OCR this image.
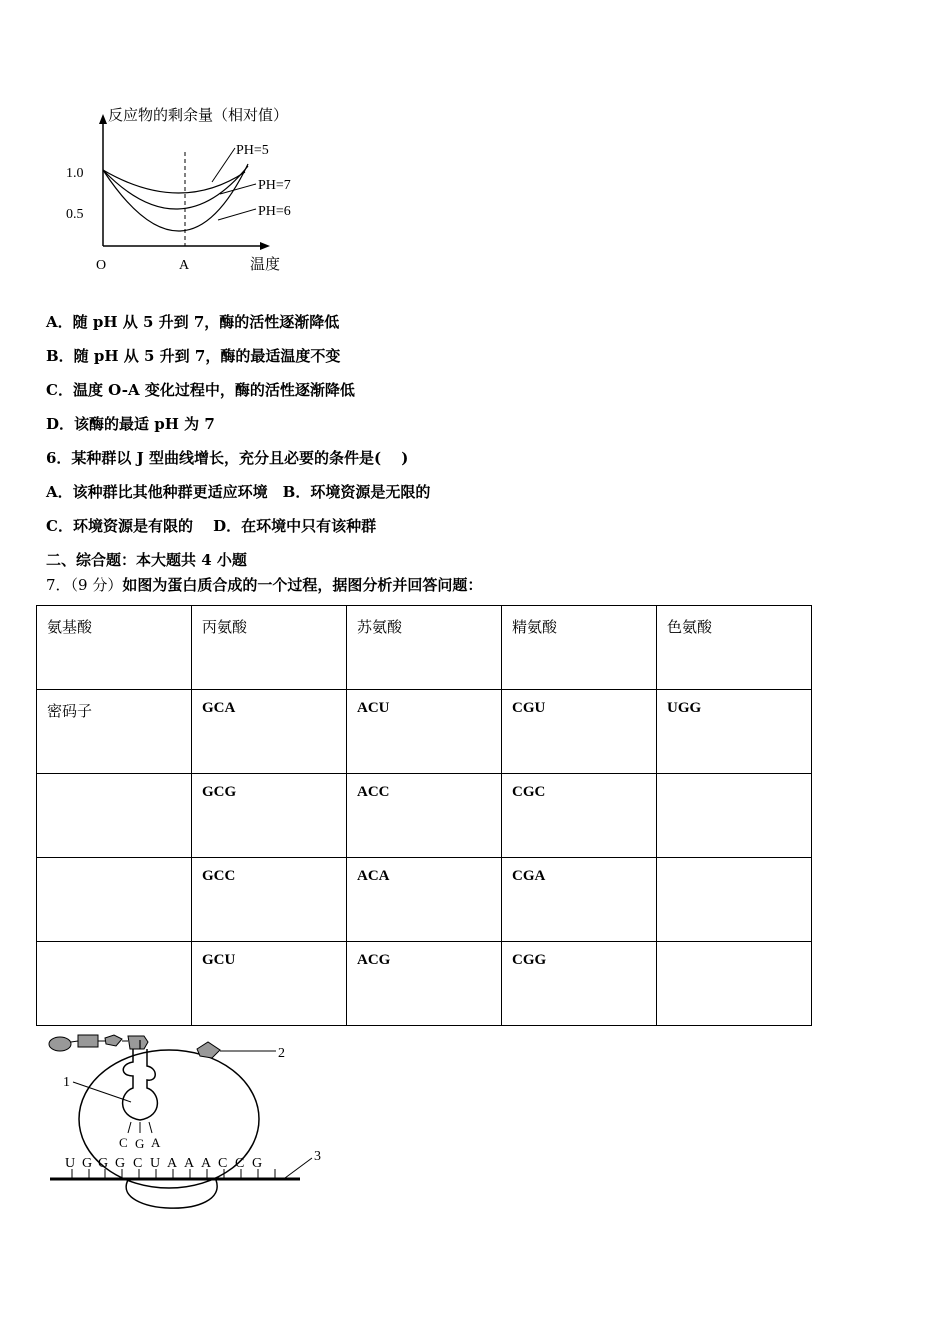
反应物的剩余量（相对值）
1.0
0.5
O	A	温度
PH=5
PH=7
PH=6
A．随 pH 从 5 升到 7，酶的活性逐渐降低
B．随 pH 从 5 升到 7，酶的最适温度不变
C．温度 O-A 变化过程中，酶的活性逐渐降低
D．该酶的最适 pH 为 7
6．某种群以 J 型曲线增长，充分且必要的条件是(　 )
A．该种群比其他种群更适应环境　B．环境资源是无限的
C．环境资源是有限的　 D．在环境中只有该种群
二、综合题：本大题共 4 小题
7．（9 分）如图为蛋白质合成的一个过程，据图分析并回答问题：
氨基酸	丙氨酸	苏氨酸	精氨酸	色氨酸
密码子	GCA	ACU	CGU	UGG
	GCG	ACC	CGC	
	GCC	ACA	CGA	
	GCU	ACG	CGG	
C G A
2
1
U G G G C U A A A C C G	3
